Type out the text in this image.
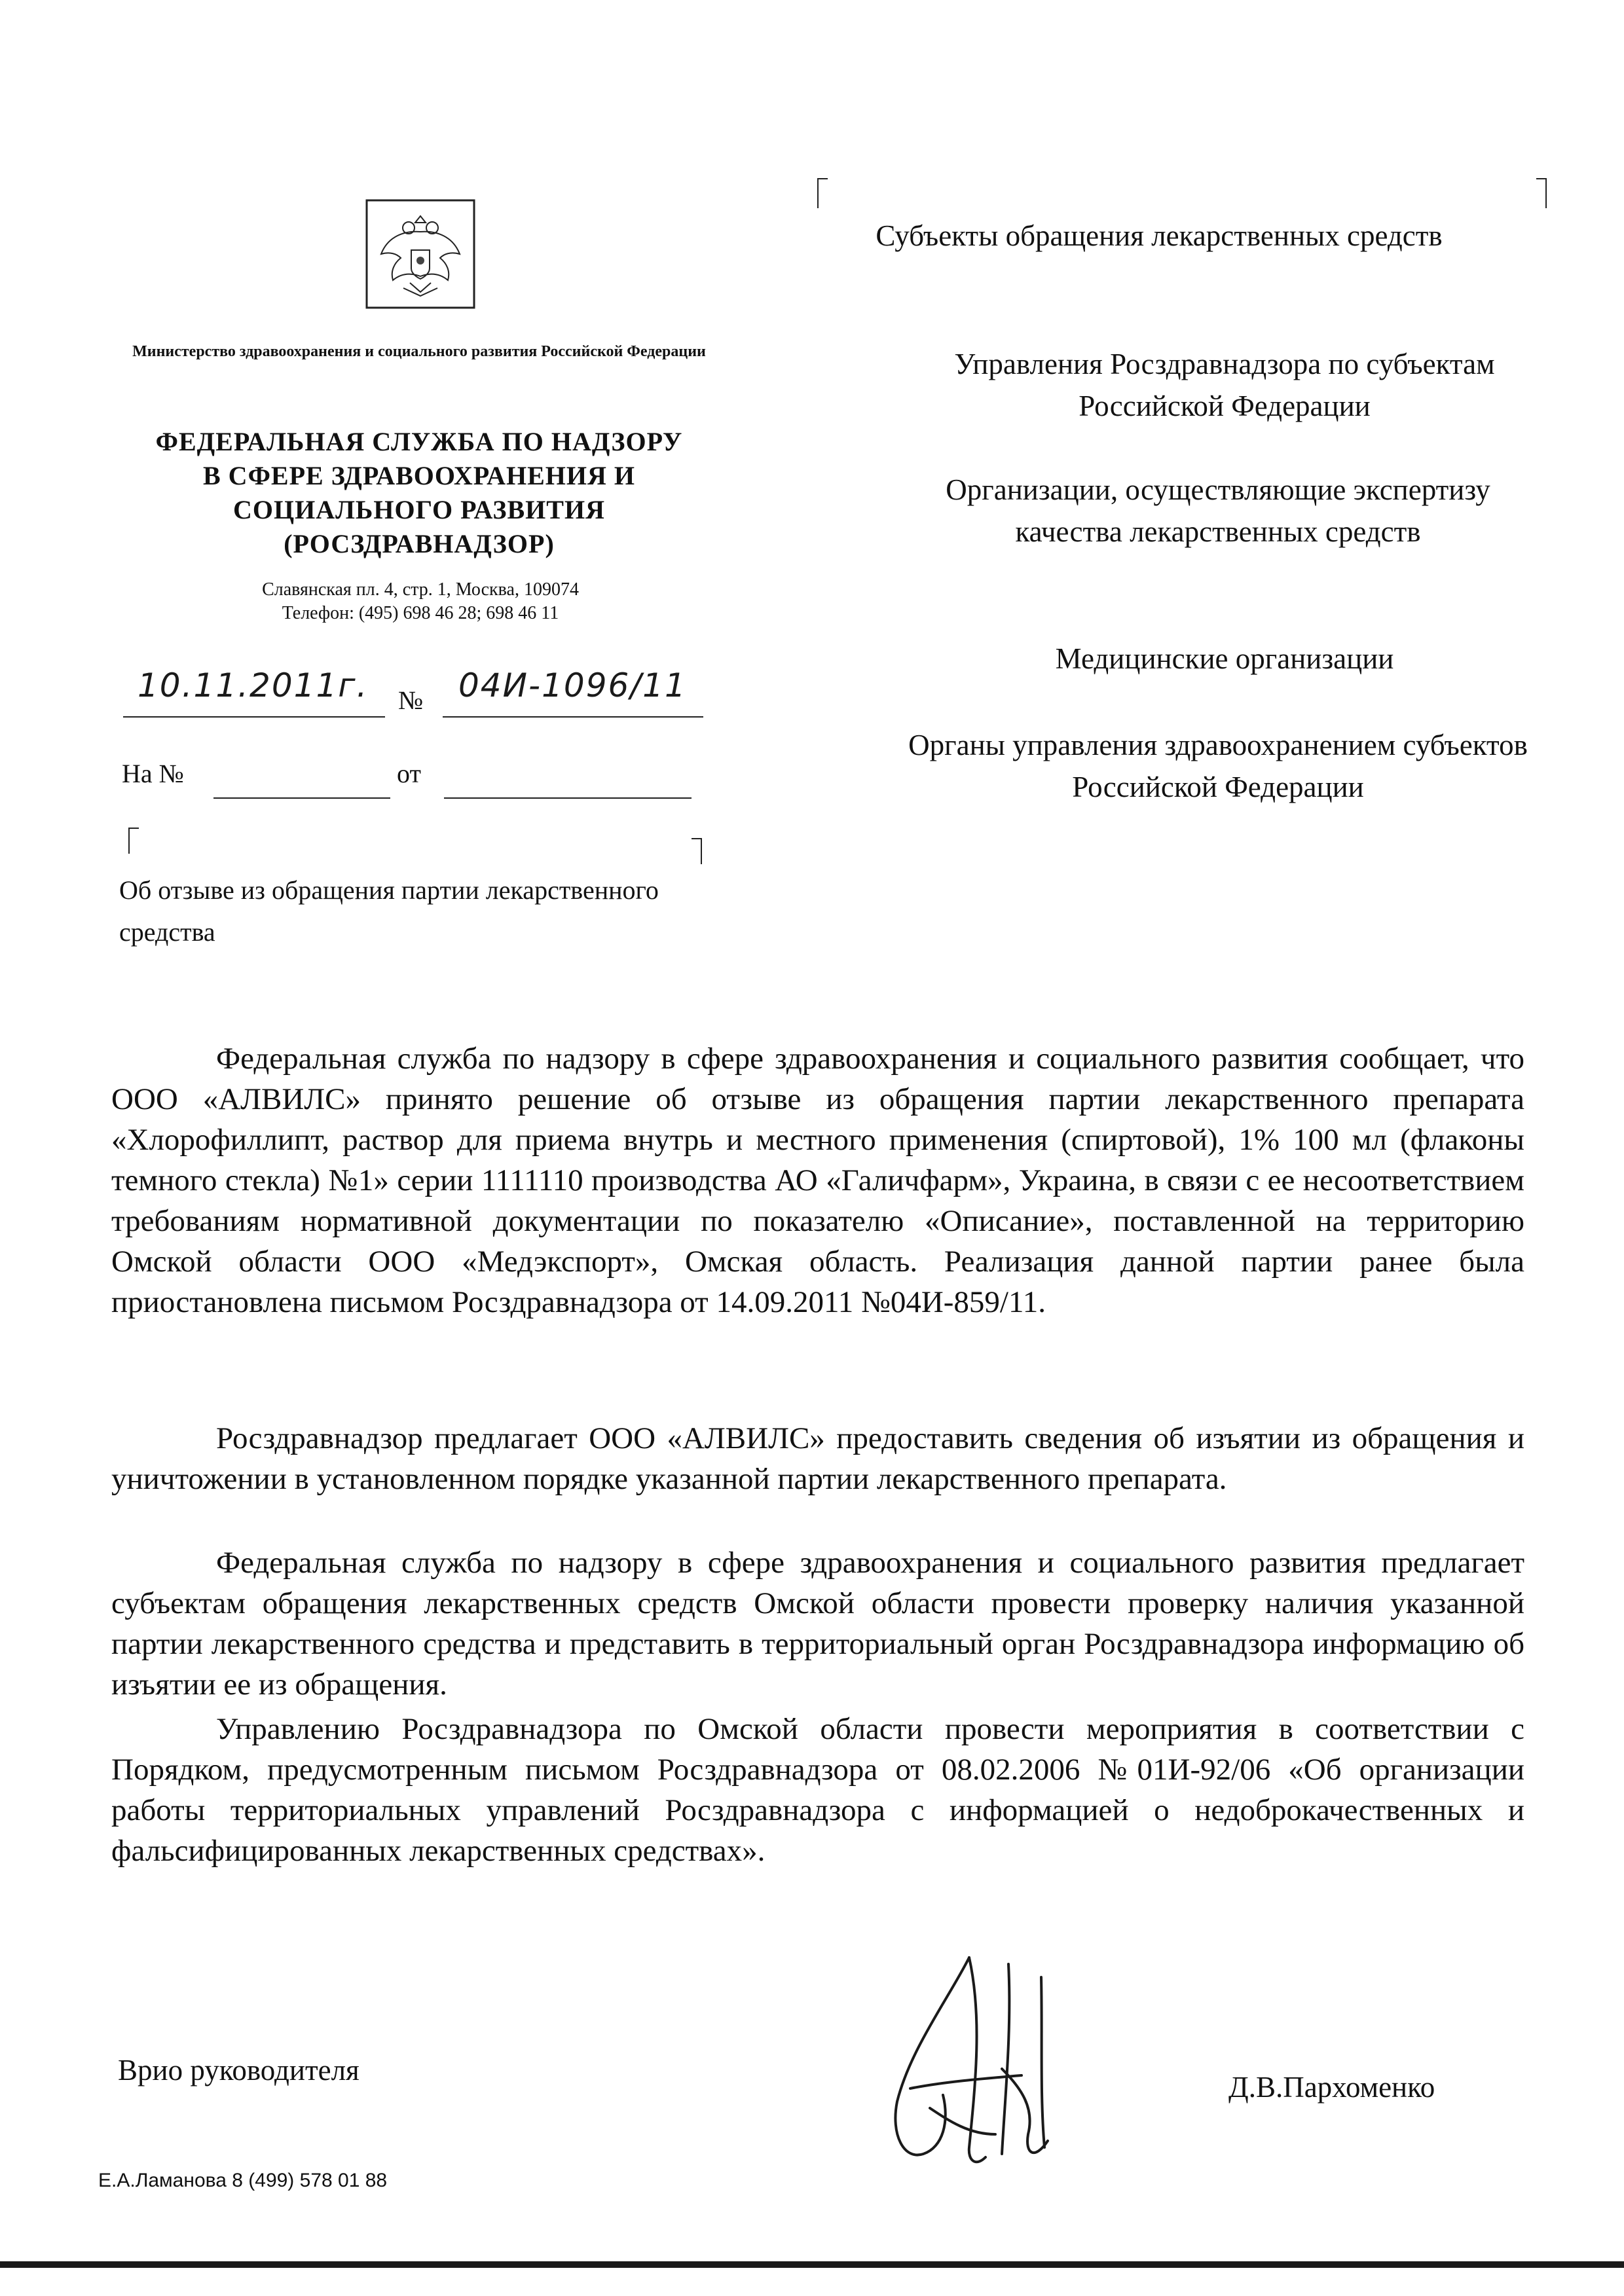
Министерство здравоохранения и социального развития Российской Федерации
ФЕДЕРАЛЬНАЯ СЛУЖБА ПО НАДЗОРУ
В СФЕРЕ ЗДРАВООХРАНЕНИЯ И
СОЦИАЛЬНОГО РАЗВИТИЯ
(РОСЗДРАВНАДЗОР)
Славянская пл. 4, стр. 1, Москва, 109074
Телефон: (495) 698 46 28; 698 46 11
10.11.2011г. № 04И-1096/11
На №	от
Об отзыве из обращения партии лекарственного средства
Субъекты обращения лекарственных средств
Управления Росздравнадзора по субъектам Российской Федерации
Организации, осуществляющие экспертизу качества лекарственных средств
Медицинские организации
Органы управления здравоохранением субъектов Российской Федерации

Федеральная служба по надзору в сфере здравоохранения и социального развития сообщает, что ООО «АЛВИЛС» принято решение об отзыве из обращения партии лекарственного препарата «Хлорофиллипт, раствор для приема внутрь и местного применения (спиртовой), 1% 100 мл (флаконы темного стекла) №1» серии 1111110 производства АО «Галичфарм», Украина, в связи с ее несоответствием требованиям нормативной документации по показателю «Описание», поставленной на территорию Омской области ООО «Медэкспорт», Омская область. Реализация данной партии ранее была приостановлена письмом Росздравнадзора от 14.09.2011 №04И-859/11.

Росздравнадзор предлагает ООО «АЛВИЛС» предоставить сведения об изъятии из обращения и уничтожении в установленном порядке указанной партии лекарственного препарата.

Федеральная служба по надзору в сфере здравоохранения и социального развития предлагает субъектам обращения лекарственных средств Омской области провести проверку наличия указанной партии лекарственного средства и представить в территориальный орган Росздравнадзора информацию об изъятии ее из обращения.

Управлению Росздравнадзора по Омской области провести мероприятия в соответствии с Порядком, предусмотренным письмом Росздравнадзора от 08.02.2006 №01И-92/06 «Об организации работы территориальных управлений Росздравнадзора с информацией о недоброкачественных и фальсифицированных лекарственных средствах».

Врио руководителя
Д.В.Пархоменко
Е.А.Ламанова 8 (499) 578 01 88
